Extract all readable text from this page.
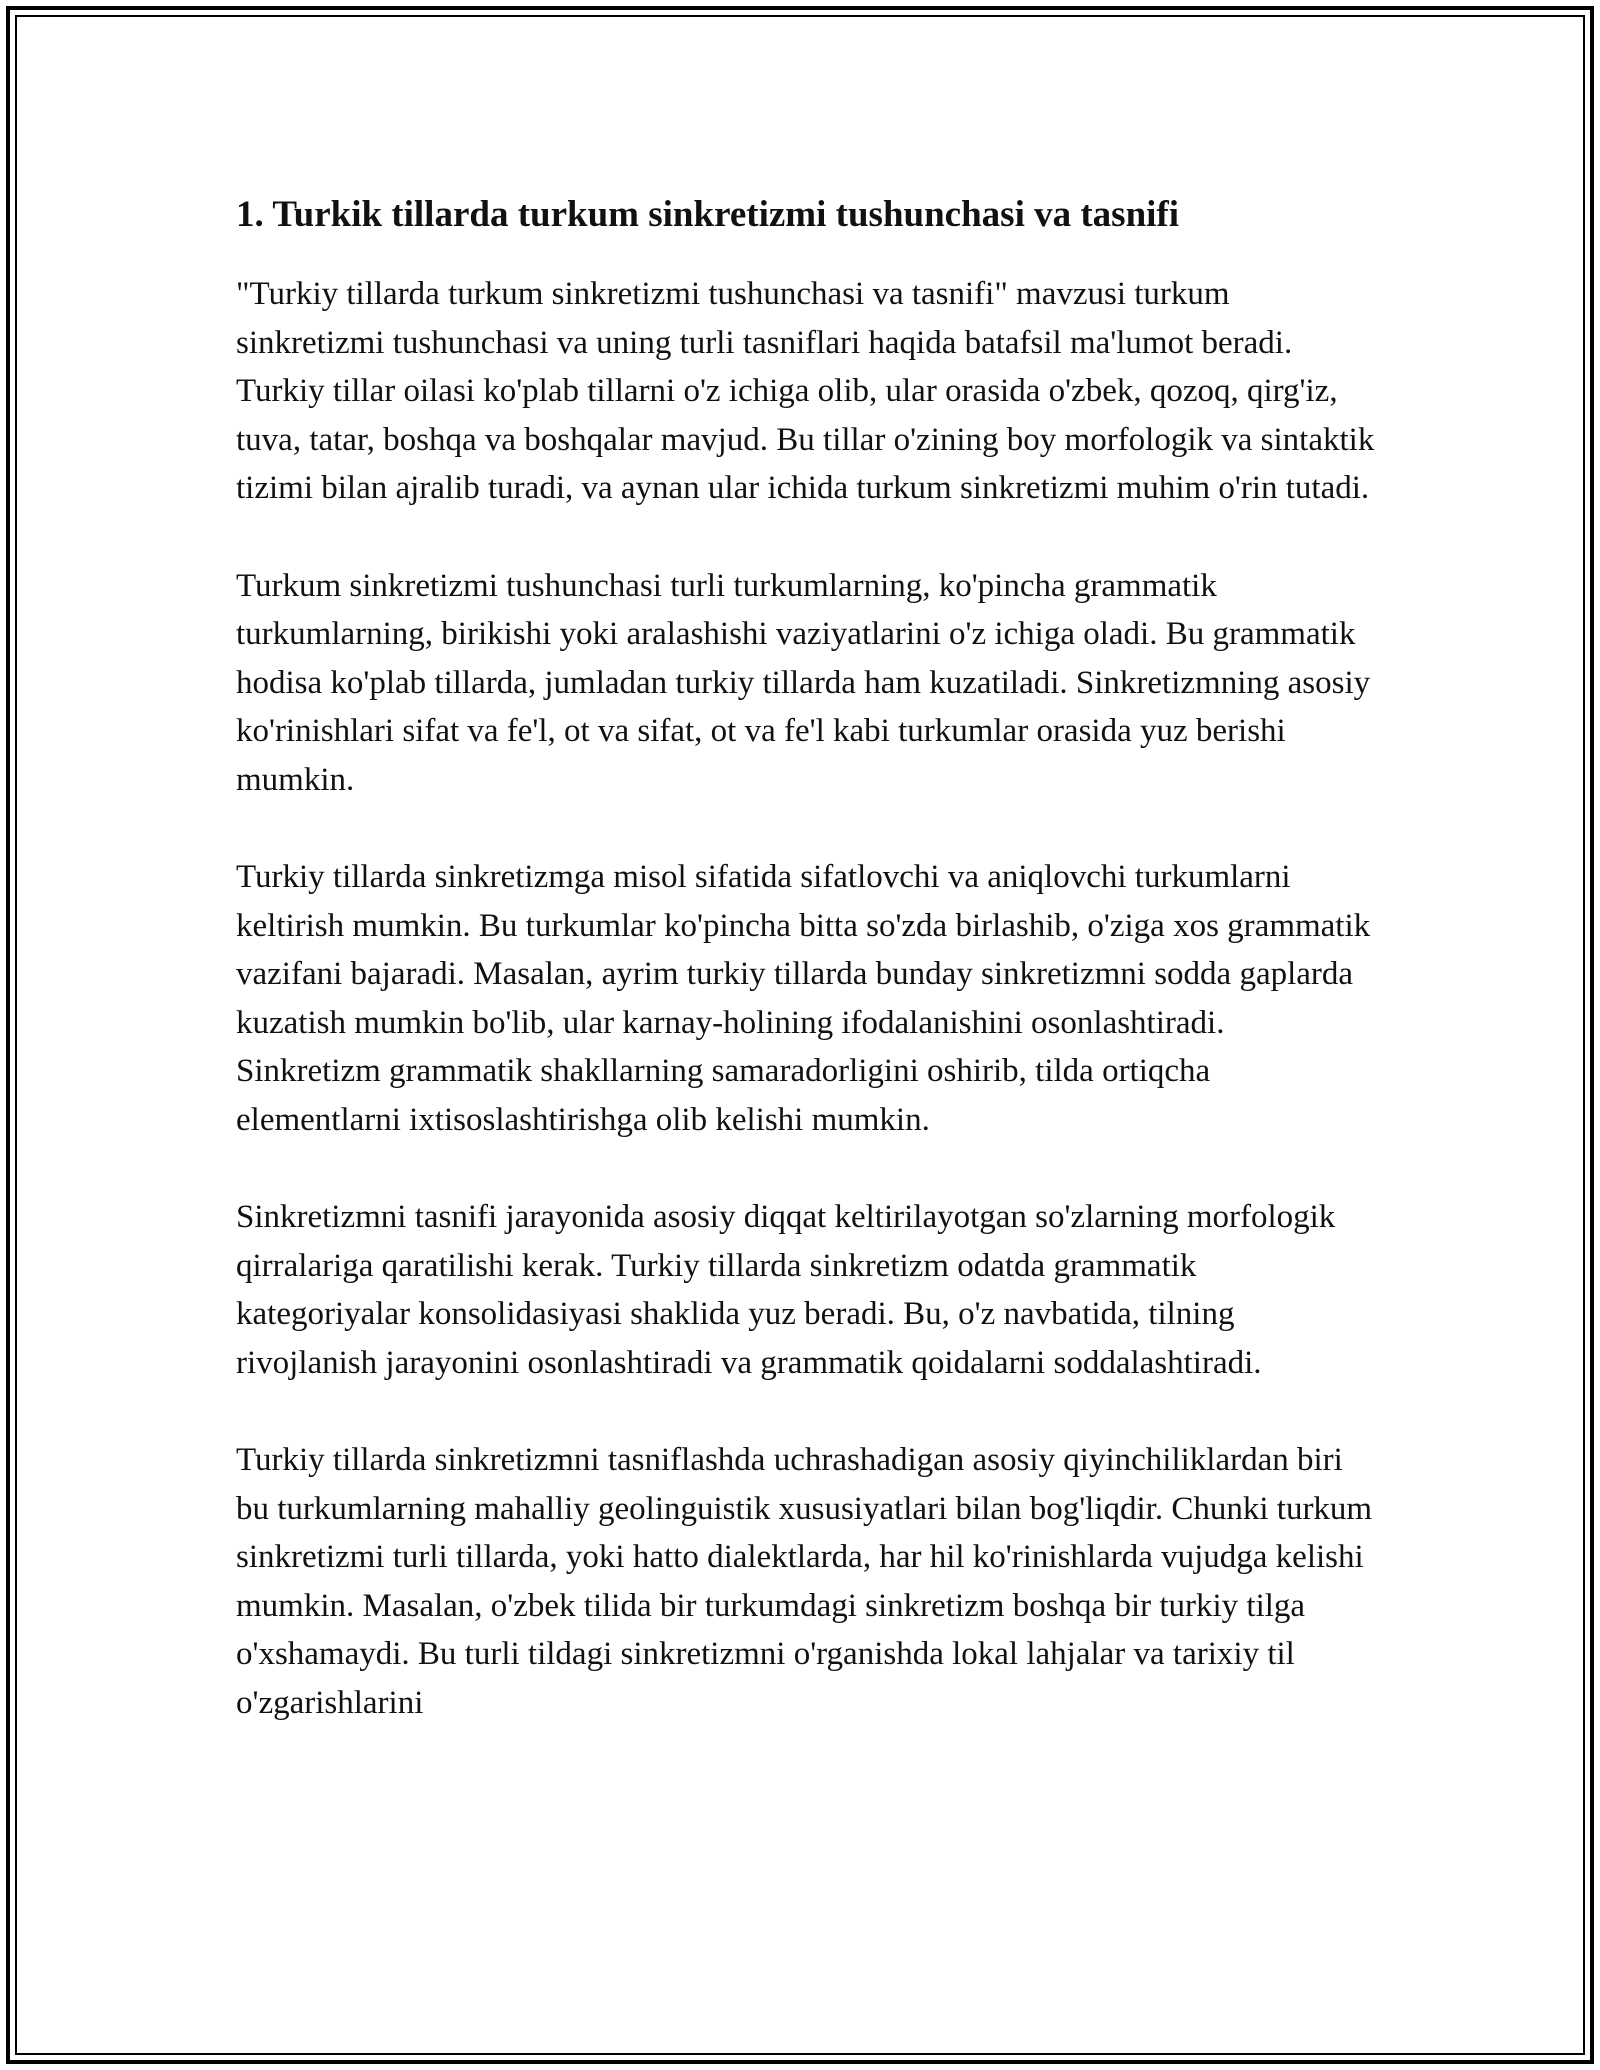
1. Turkik tillarda turkum sinkretizmi tushunchasi va tasnifi

"Turkiy tillarda turkum sinkretizmi tushunchasi va tasnifi" mavzusi turkum sinkretizmi tushunchasi va uning turli tasniflari haqida batafsil ma'lumot beradi. Turkiy tillar oilasi ko'plab tillarni o'z ichiga olib, ular orasida o'zbek, qozoq, qirg'iz, tuva, tatar, boshqa va boshqalar mavjud. Bu tillar o'zining boy morfologik va sintaktik tizimi bilan ajralib turadi, va aynan ular ichida turkum sinkretizmi muhim o'rin tutadi.

Turkum sinkretizmi tushunchasi turli turkumlarning, ko'pincha grammatik turkumlarning, birikishi yoki aralashishi vaziyatlarini o'z ichiga oladi. Bu grammatik hodisa ko'plab tillarda, jumladan turkiy tillarda ham kuzatiladi. Sinkretizmning asosiy ko'rinishlari sifat va fe'l, ot va sifat, ot va fe'l kabi turkumlar orasida yuz berishi mumkin.

Turkiy tillarda sinkretizmga misol sifatida sifatlovchi va aniqlovchi turkumlarni keltirish mumkin. Bu turkumlar ko'pincha bitta so'zda birlashib, o'ziga xos grammatik vazifani bajaradi. Masalan, ayrim turkiy tillarda bunday sinkretizmni sodda gaplarda kuzatish mumkin bo'lib, ular karnay-holining ifodalanishini osonlashtiradi. Sinkretizm grammatik shakllarning samaradorligini oshirib, tilda ortiqcha elementlarni ixtisoslashtirishga olib kelishi mumkin.

Sinkretizmni tasnifi jarayonida asosiy diqqat keltirilayotgan so'zlarning morfologik qirralariga qaratilishi kerak. Turkiy tillarda sinkretizm odatda grammatik kategoriyalar konsolidasiyasi shaklida yuz beradi. Bu, o'z navbatida, tilning rivojlanish jarayonini osonlashtiradi va grammatik qoidalarni soddalashtiradi.

Turkiy tillarda sinkretizmni tasniflashda uchrashadigan asosiy qiyinchiliklardan biri bu turkumlarning mahalliy geolinguistik xususiyatlari bilan bog'liqdir. Chunki turkum sinkretizmi turli tillarda, yoki hatto dialektlarda, har hil ko'rinishlarda vujudga kelishi mumkin. Masalan, o'zbek tilida bir turkumdagi sinkretizm boshqa bir turkiy tilga o'xshamaydi. Bu turli tildagi sinkretizmni o'rganishda lokal lahjalar va tarixiy til o'zgarishlarini
